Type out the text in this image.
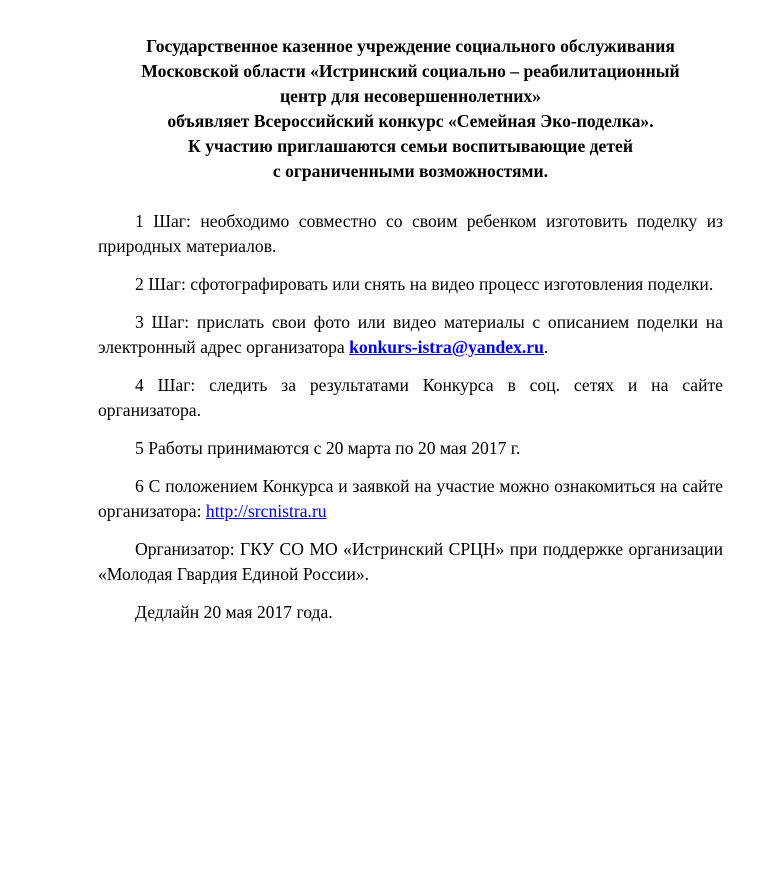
Государственное казенное учреждение социального обслуживания
Московской области «Истринский социально – реабилитационный
центр для несовершеннолетних»
объявляет Всероссийский конкурс «Семейная Эко-поделка».
К участию приглашаются семьи воспитывающие детей
с ограниченными возможностями.

1 Шаг: необходимо совместно со своим ребенком изготовить поделку из природных материалов.

2 Шаг: сфотографировать или снять на видео процесс изготовления поделки.

3 Шаг: прислать свои фото или видео материалы с описанием поделки на электронный адрес организатора konkurs-istra@yandex.ru.

4 Шаг: следить за результатами Конкурса в соц. сетях и на сайте организатора.

5 Работы принимаются с 20 марта по 20 мая 2017 г.

6 С положением Конкурса и заявкой на участие можно ознакомиться на сайте организатора: http://srcnistra.ru

Организатор: ГКУ СО МО «Истринский СРЦН» при поддержке организации «Молодая Гвардия Единой России».

Дедлайн 20 мая 2017 года.
